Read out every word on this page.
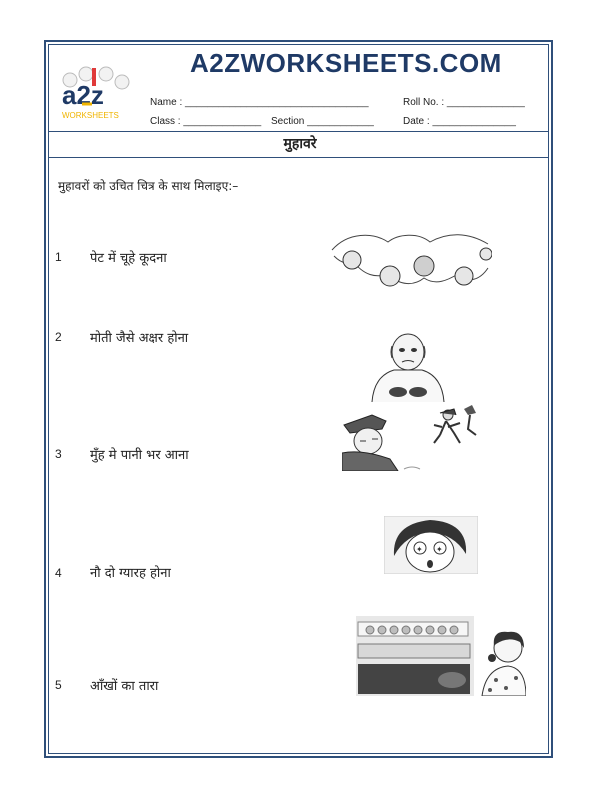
a2z
WORKSHEETS
A2ZWORKSHEETS.COM
Name : _________________________________	Roll No. : ______________
Class : ______________ Section ____________	Date : _______________
मुहावरे
मुहावरों को उचित चित्र के साथ मिलाइए:–
1 पेट में चूहे कूदना
2 मोती जैसे अक्षर होना
3 मुँह मे पानी भर आना
4 नौ दो ग्यारह होना
5 आँखों का तारा
✦ ✦
